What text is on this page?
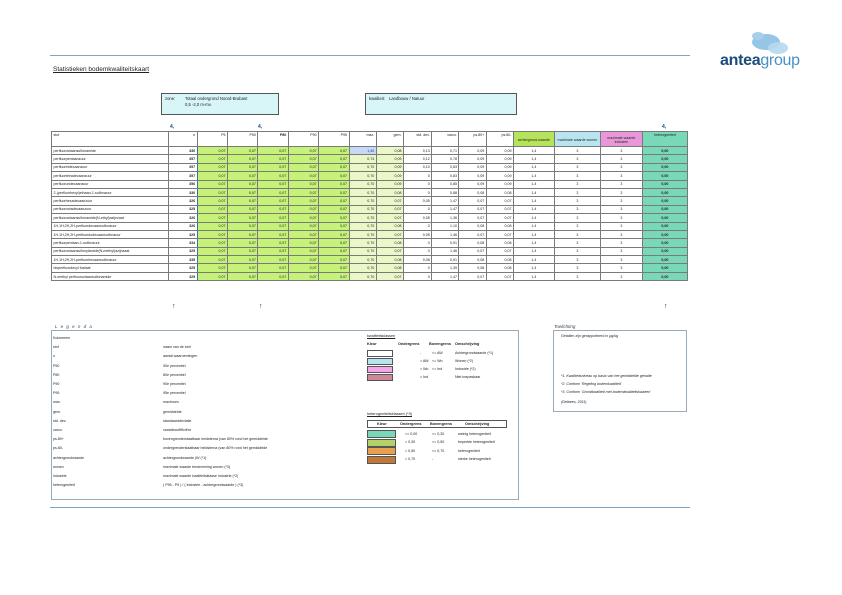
anteagroup
Statistieken bodemkwaliteitskaart
zone: Totaal ondergrond Noord-Brabant
0,5 -2,0 m-mv.
kwaliteit: Landbouw / Natuur
4,	4,	4,
stof	n	P5	P50	P80	P90	P95	max.	gem.	std. dev.	varco.	ps.80+	ps.80-	achtergrond-waarde	maximale waarde wonen	maximale waarde industrie	heterogeniteit
perfluoroctaansulfonamide	330	0,07	0,07	0,07	0,07	0,07	1,40	0,08	0,13	0,71	0,09	0,09	1,4	3	3	0,00
perfluorpentaanzuur	357	0,07	0,07	0,07	0,07	0,07	0,74	0,09	0,12	0,78	0,09	0,09	1,4	3	3	0,00
perfluortridecaanzuur	357	0,07	0,07	0,07	0,07	0,07	0,70	0,09	0,10	0,83	0,09	0,09	1,4	3	3	0,00
perfluortetradecaanzuur	357	0,07	0,07	0,07	0,07	0,07	0,70	0,09	0	0,83	0,09	0,09	1,4	3	3	0,00
perfluorundecaanzuur	356	0,07	0,07	0,07	0,07	0,07	0,70	0,09	0	0,85	0,09	0,09	1,4	3	3	0,00
2-(perfluorhexyl)ethaan-1-sulfonzuur	330	0,07	0,07	0,07	0,07	0,07	0,70	0,08	0	0,88	0,08	0,08	1,4	3	3	0,00
perfluorhexadecaanzuur	326	0,07	0,07	0,07	0,07	0,07	0,70	0,07	0,05	1,47	0,07	0,07	1,4	3	3	0,00
perfluoroctadecaanzuur	325	0,07	0,07	0,07	0,07	0,07	0,70	0,07	0	1,47	0,07	0,07	1,4	3	3	0,00
perfluoroctaansulfonamide(N-ethyl)azijnzaat	326	0,07	0,07	0,07	0,07	0,07	0,70	0,07	0,05	1,36	0,07	0,07	1,4	3	3	0,00
1H,1H,2H,2H-perfluordecaansulfonzuur	326	0,07	0,07	0,07	0,07	0,07	0,70	0,08	0	1,10	0,08	0,08	1,4	3	3	0,00
1H,1H,2H,2H-perfluordodecaansulfonzuur	325	0,07	0,07	0,07	0,07	0,07	0,70	0,07	0,05	1,46	0,07	0,07	1,4	3	3	0,00
perfluorpentaan-1-sulfonzuur	334	0,07	0,07	0,07	0,07	0,07	0,70	0,08	0	0,91	0,08	0,08	1,4	3	3	0,00
perfluoroctaansulfonylamide(N-methyl)azijnzaat	325	0,07	0,07	0,07	0,07	0,07	0,70	0,07	0	1,46	0,07	0,07	1,4	3	3	0,00
1H,1H,2H,2H-perfluorhexaansulfonzuur	335	0,07	0,07	0,07	0,07	0,07	0,70	0,08	0,08	0,91	0,08	0,08	1,4	3	3	0,00
bisperfluordecyl fosfaat	325	0,07	0,07	0,07	0,07	0,07	0,70	0,08	0	1,39	0,08	0,08	1,4	3	3	0,00
N-methyl perfluoroctaansulfonamide	325	0,07	0,07	0,07	0,07	0,07	0,70	0,07	0	1,47	0,07	0,07	1,4	3	3	0,00
↑	↑	↑
L e g e n d a
Kolommen
stof	naam van de stof
n	aantal waarnemingen
P50	50e percentiel
P80	80e percentiel
P90	90e percentiel
P95	95e percentiel
max.	maximum
gem.	gemiddelde
std. dev.	standaarddeviatie
varco.	variatiecoëfficiënt
ps.80+	bovengrenderstaatbaar heidsterna (van 80% rond het gemiddelde
ps.80-	ondergrenderstaatbaar heidsterna (van 80% rond het gemiddelde
achtergrondwaarde	achtergrondwaarde (W (*1)
wonen	maximale waarde bestemming wonen (*3)
industrie	maximale waarde kwaliteitsklasse industrie (*2)
heterogeniteit	( P95 - P5 ) / ( industrie - achtergrondwaarde ) (*3)
kwaliteitsklassen
Kleur	Ondergrens Bovengrens Omschrijving
-	<= AW	Achtergrondwaarde (*1)
> AW <= Wo	Wonen (*2)
> Wo <= Ind	Industrie (*2)
> Ind	Niet toepasbaar
heterogeniteitsklassen (*3)
Kleur	Ondergrens Bovengrens	Omschrijving
>= 0,00	<= 0,30	weinig heterogeniteit
> 0,30	<= 0,50	beperkte heterogeniteit
> 0,50	<= 0,70	heterogeniteit
> 0,70	-	sterke heterogeniteit
Toelichting
Getallen zijn gerapporteerd in µg/kg
*1. Kwaliteitsniveau op basis van het gemiddelde gehalte
*2. Conform 'Regeling bodemkwaliteit'
*3. Conform 'Grondkwaliteit met bodemkwaliteitskaarten'
(Deltares, 2011)
